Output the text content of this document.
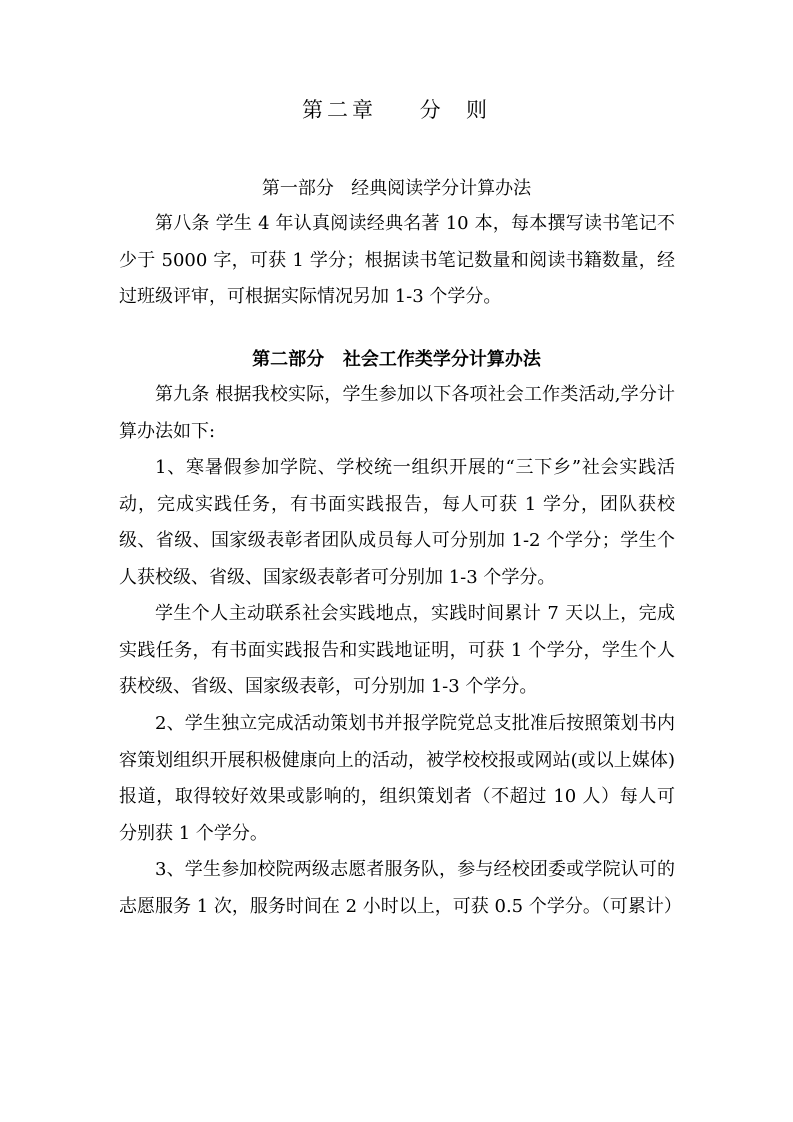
第二章    分  则
第一部分   经典阅读学分计算办法

第八条 学生 4 年认真阅读经典名著 10 本，每本撰写读书笔记不少于 5000 字，可获 1 学分；根据读书笔记数量和阅读书籍数量，经过班级评审，可根据实际情况另加 1-3 个学分。

第二部分   社会工作类学分计算办法

第九条 根据我校实际，学生参加以下各项社会工作类活动,学分计算办法如下:

1、寒暑假参加学院、学校统一组织开展的“三下乡”社会实践活动，完成实践任务，有书面实践报告，每人可获 1 学分，团队获校级、省级、国家级表彰者团队成员每人可分别加 1-2 个学分；学生个人获校级、省级、国家级表彰者可分别加 1-3 个学分。

学生个人主动联系社会实践地点，实践时间累计 7 天以上，完成实践任务，有书面实践报告和实践地证明，可获 1 个学分，学生个人获校级、省级、国家级表彰，可分别加 1-3 个学分。

2、学生独立完成活动策划书并报学院党总支批准后按照策划书内容策划组织开展积极健康向上的活动，被学校校报或网站(或以上媒体)报道，取得较好效果或影响的，组织策划者（不超过 10 人）每人可分别获 1 个学分。

3、学生参加校院两级志愿者服务队，参与经校团委或学院认可的志愿服务 1 次，服务时间在 2 小时以上，可获 0.5 个学分。（可累计）
